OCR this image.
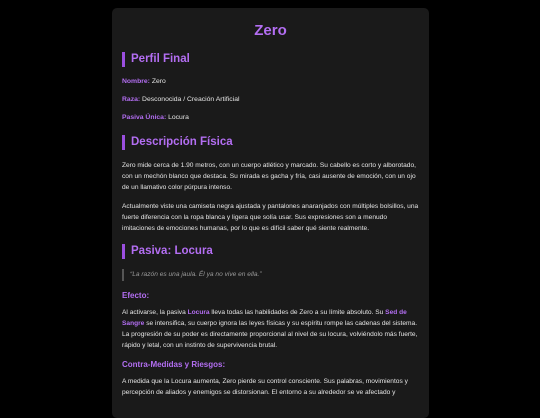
Zero
Perfil Final
Nombre: Zero
Raza: Desconocida / Creación Artificial
Pasiva Única: Locura
Descripción Física

Zero mide cerca de 1.90 metros, con un cuerpo atlético y marcado. Su cabello es corto y alborotado, con un mechón blanco que destaca. Su mirada es gacha y fría, casi ausente de emoción, con un ojo de un llamativo color púrpura intenso.

Actualmente viste una camiseta negra ajustada y pantalones anaranjados con múltiples bolsillos, una fuerte diferencia con la ropa blanca y ligera que solía usar. Sus expresiones son a menudo imitaciones de emociones humanas, por lo que es difícil saber qué siente realmente.

Pasiva: Locura
“La razón es una jaula. Él ya no vive en ella.”
Efecto:

Al activarse, la pasiva Locura lleva todas las habilidades de Zero a su límite absoluto. Su Sed de Sangre se intensifica, su cuerpo ignora las leyes físicas y su espíritu rompe las cadenas del sistema. La progresión de su poder es directamente proporcional al nivel de su locura, volviéndolo más fuerte, rápido y letal, con un instinto de supervivencia brutal.

Contra-Medidas y Riesgos:

A medida que la Locura aumenta, Zero pierde su control consciente. Sus palabras, movimientos y percepción de aliados y enemigos se distorsionan. El entorno a su alrededor se ve afectado y
